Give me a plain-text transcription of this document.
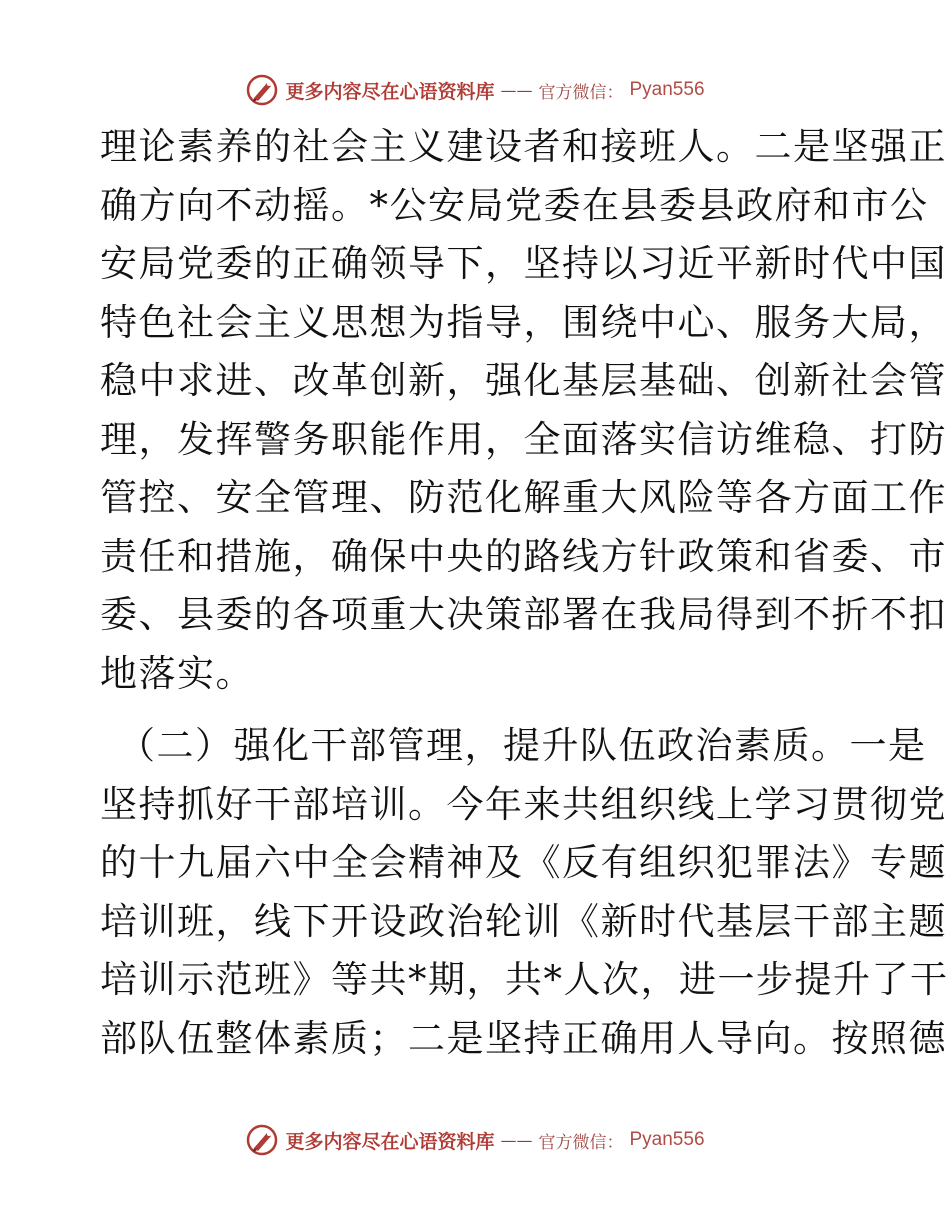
更多内容尽在心语资料库 —— 官方微信： Pyan556
理论素养的社会主义建设者和接班人。二是坚强正
确方向不动摇。*公安局党委在县委县政府和市公
安局党委的正确领导下，坚持以习近平新时代中国
特色社会主义思想为指导，围绕中心、服务大局，
稳中求进、改革创新，强化基层基础、创新社会管
理，发挥警务职能作用，全面落实信访维稳、打防
管控、安全管理、防范化解重大风险等各方面工作
责任和措施，确保中央的路线方针政策和省委、市
委、县委的各项重大决策部署在我局得到不折不扣
地落实。
（二）强化干部管理，提升队伍政治素质。一是
坚持抓好干部培训。今年来共组织线上学习贯彻党
的十九届六中全会精神及《反有组织犯罪法》专题
培训班，线下开设政治轮训《新时代基层干部主题
培训示范班》等共*期，共*人次，进一步提升了干
部队伍整体素质；二是坚持正确用人导向。按照德
更多内容尽在心语资料库 —— 官方微信： Pyan556
